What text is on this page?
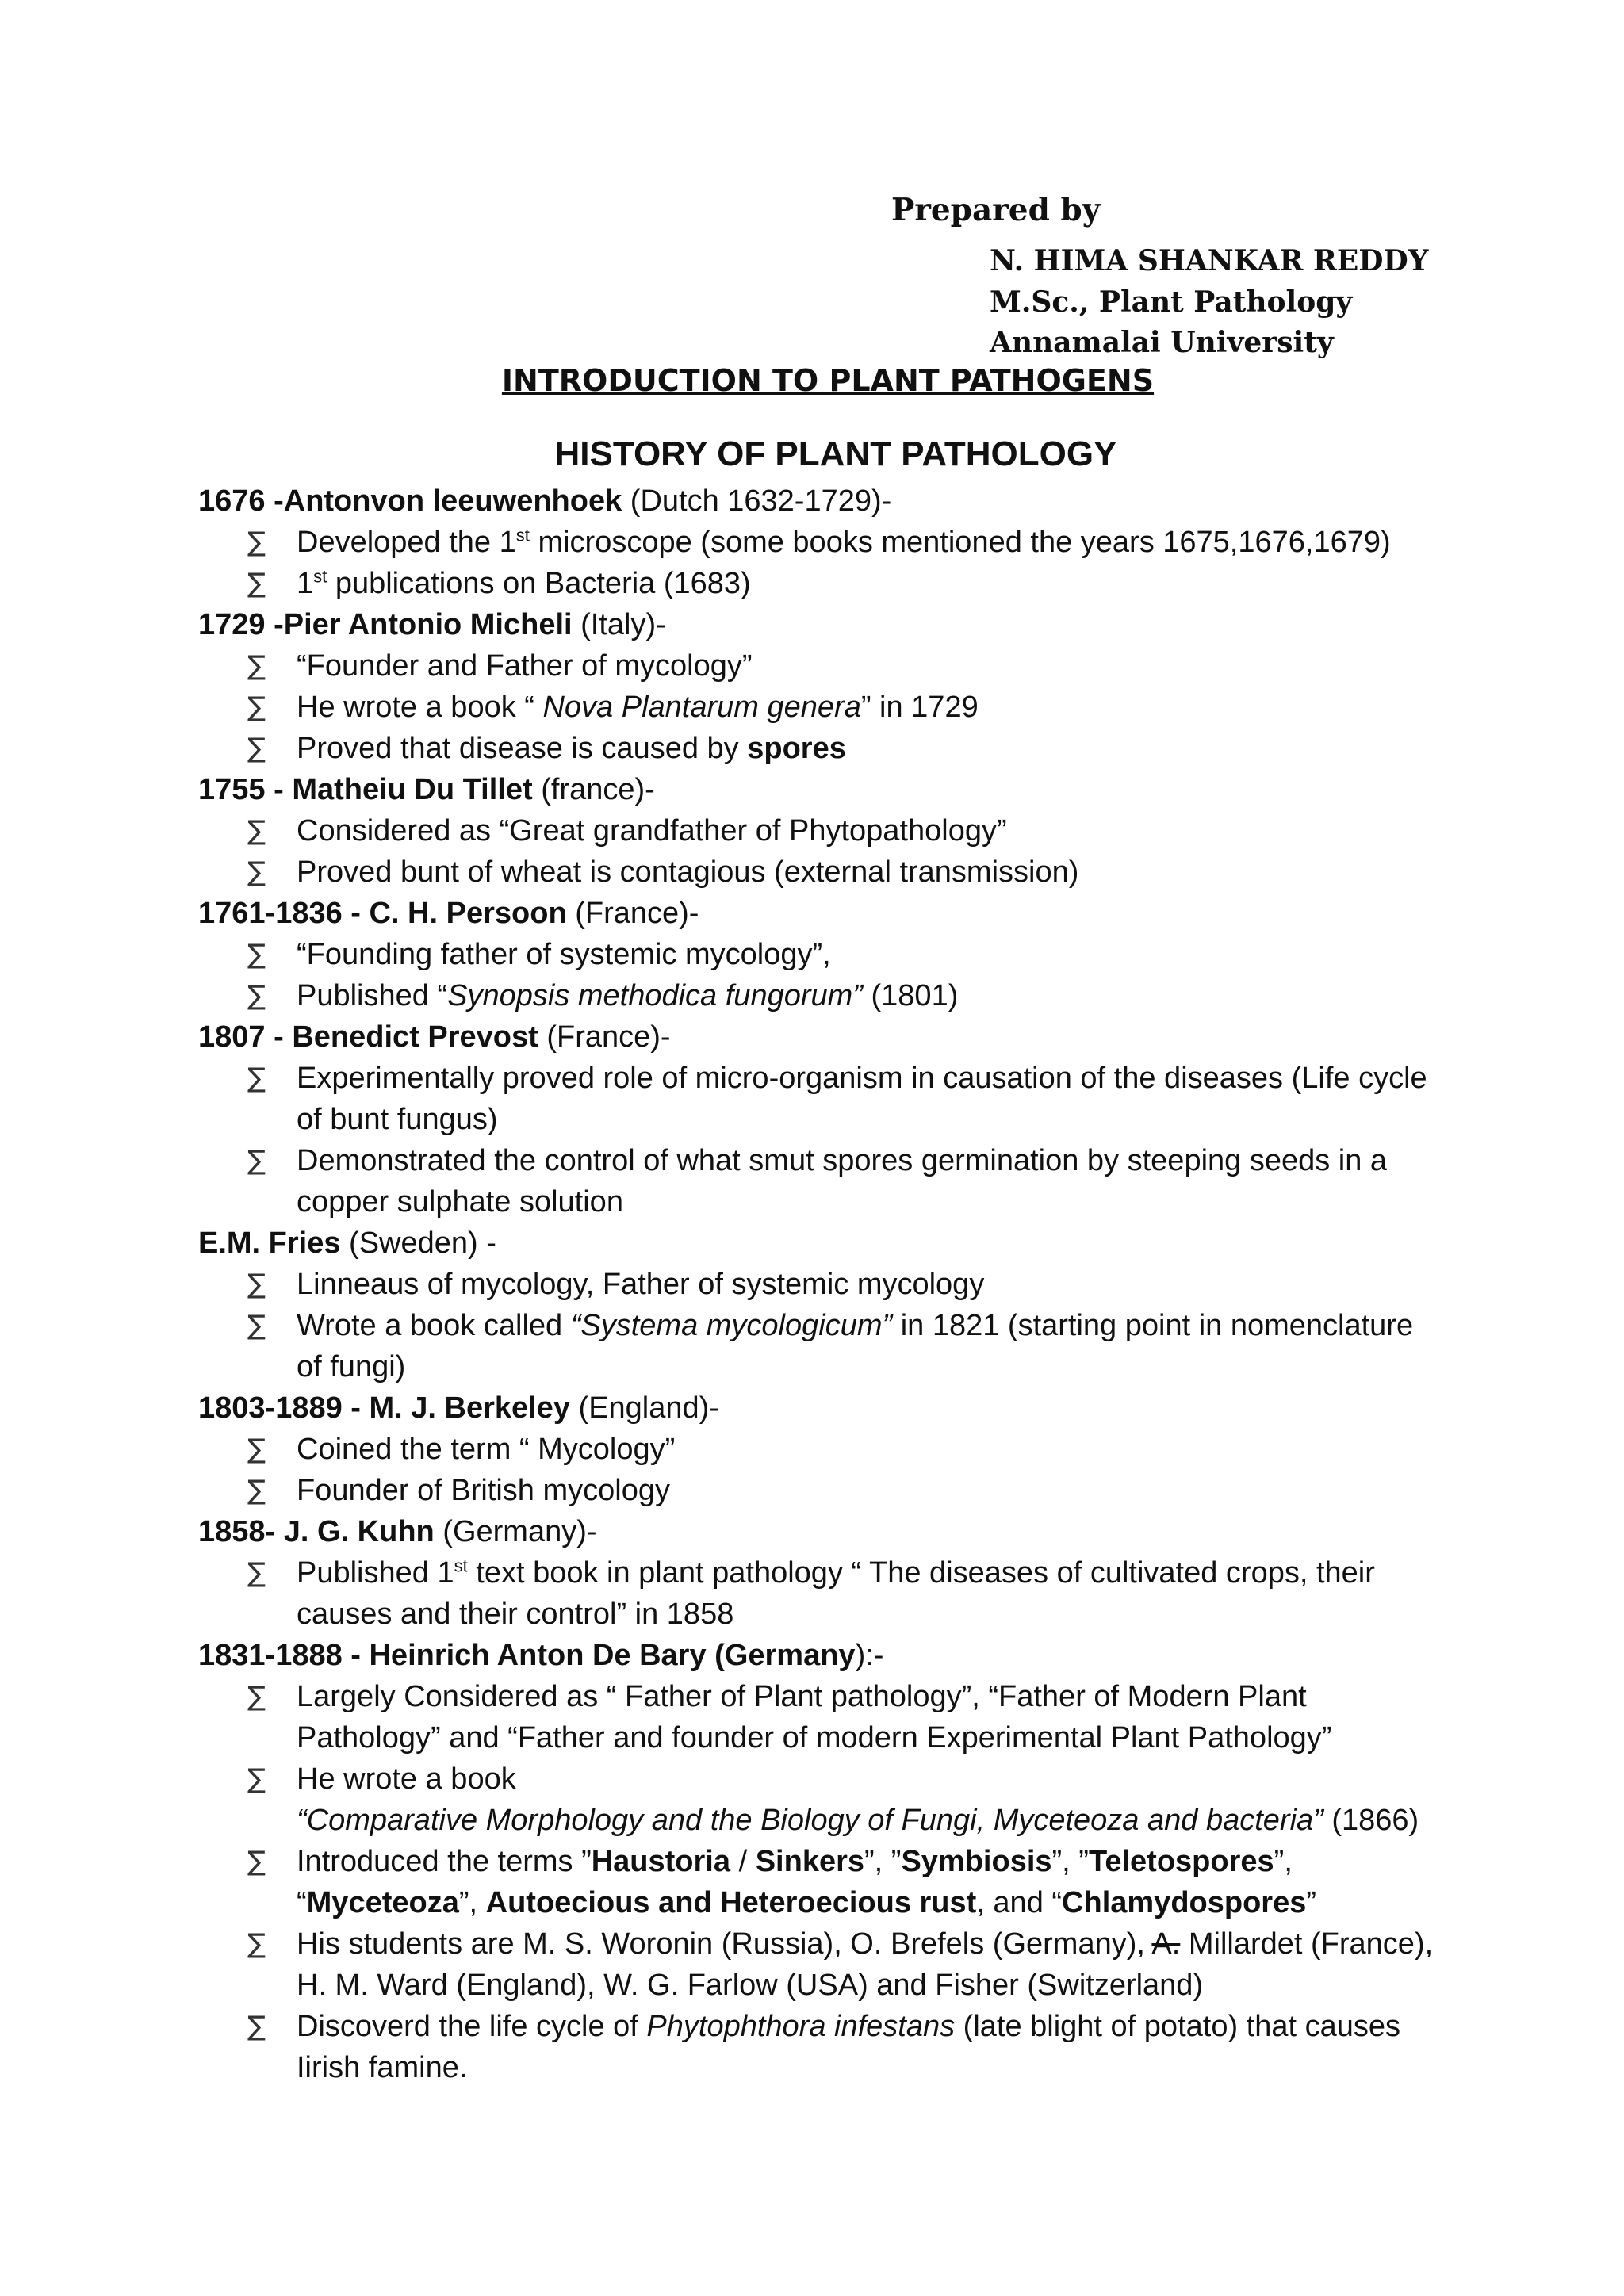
Prepared by

N. HIMA SHANKAR REDDY

M.Sc., Plant Pathology

Annamalai University

INTRODUCTION TO PLANT PATHOGENS

HISTORY OF PLANT PATHOLOGY

1676 -Antonvon leeuwenhoek (Dutch 1632-1729)-

∑ Developed the 1st microscope (some books mentioned the years 1675,1676,1679)
∑ 1st publications on Bacteria (1683)

1729 -Pier Antonio Micheli (Italy)-

∑ “Founder and Father of mycology”
∑ He wrote a book “ Nova Plantarum genera” in 1729
∑ Proved that disease is caused by spores

1755 - Matheiu Du Tillet (france)-

∑ Considered as “Great grandfather of Phytopathology”
∑ Proved bunt of wheat is contagious (external transmission)

1761-1836 - C. H. Persoon (France)-

∑ “Founding father of systemic mycology”,
∑ Published “Synopsis methodica fungorum” (1801)

1807 - Benedict Prevost (France)-

∑ Experimentally proved role of micro-organism in causation of the diseases (Life cycle of bunt fungus)
∑ Demonstrated the control of what smut spores germination by steeping seeds in a copper sulphate solution

E.M. Fries (Sweden) -

∑ Linneaus of mycology, Father of systemic mycology
∑ Wrote a book called “Systema mycologicum” in 1821 (starting point in nomenclature of fungi)

1803-1889 - M. J. Berkeley (England)-

∑ Coined the term “ Mycology”
∑ Founder of British mycology

1858- J. G. Kuhn (Germany)-

∑ Published 1st text book in plant pathology “ The diseases of cultivated crops, their causes and their control” in 1858

1831-1888 - Heinrich Anton De Bary (Germany):-

∑ Largely Considered as “ Father of Plant pathology”, “Father of Modern Plant Pathology” and “Father and founder of modern Experimental Plant Pathology”
∑ He wrote a book
“Comparative Morphology and the Biology of Fungi, Myceteoza and bacteria” (1866)
∑ Introduced the terms ”Haustoria / Sinkers”, ”Symbiosis”, ”Teletospores”, “Myceteoza”, Autoecious and Heteroecious rust, and “Chlamydospores”
∑ His students are M. S. Woronin (Russia), O. Brefels (Germany), A. Millardet (France), H. M. Ward (England), W. G. Farlow (USA) and Fisher (Switzerland)
∑ Discoverd the life cycle of Phytophthora infestans (late blight of potato) that causes Iirish famine.
